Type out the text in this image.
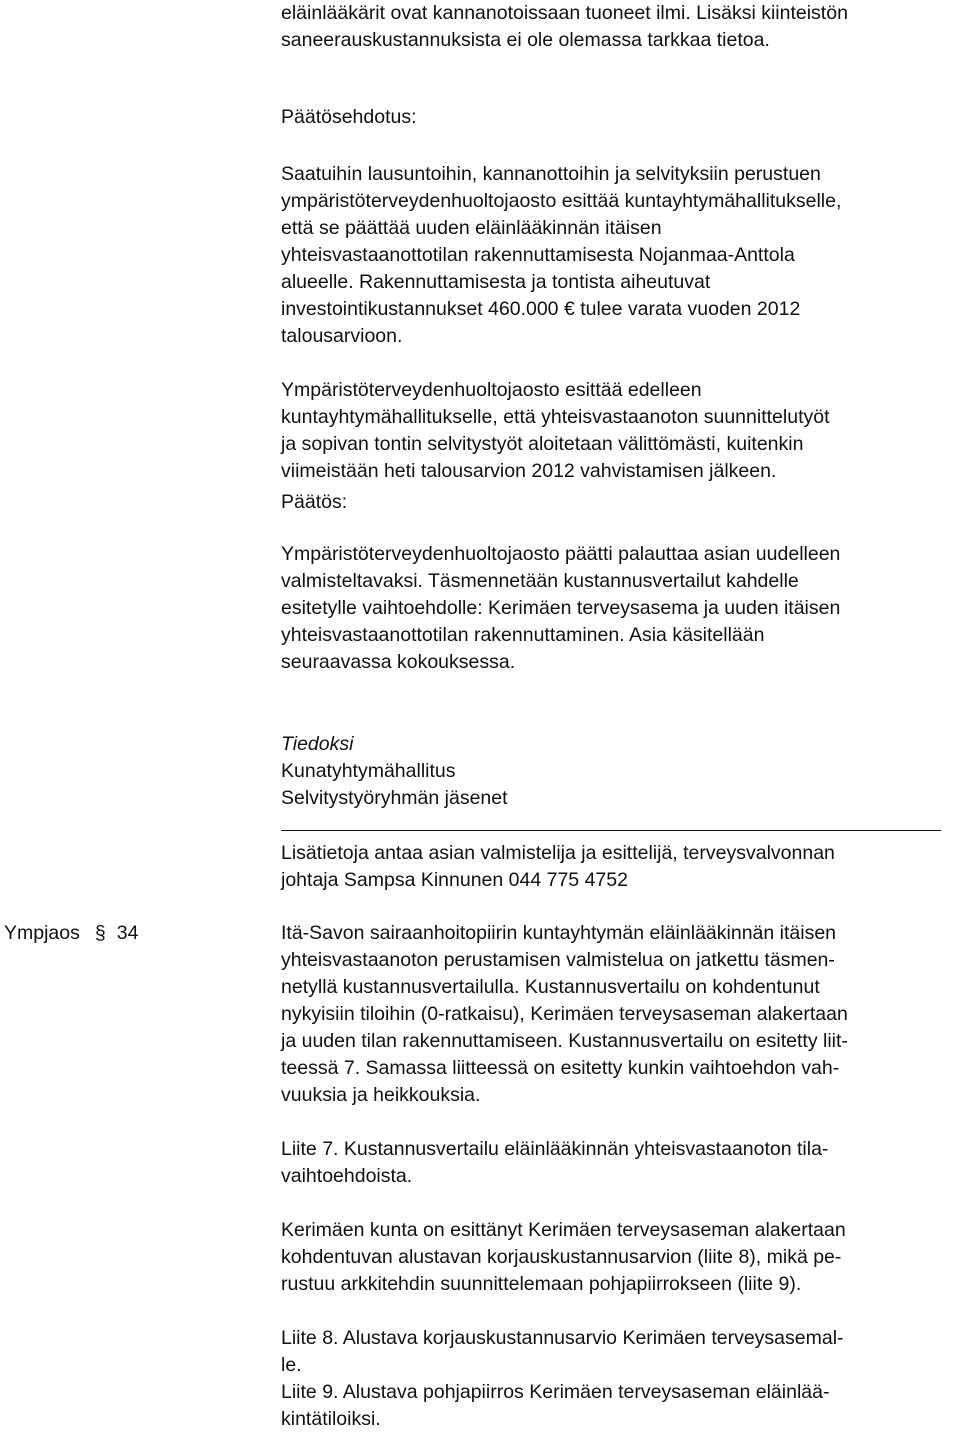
eläinlääkärit ovat kannanotoissaan tuoneet ilmi. Lisäksi kiinteistön
saneerauskustannuksista ei ole olemassa tarkkaa tietoa.
Päätösehdotus:
Saatuihin lausuntoihin, kannanottoihin ja selvityksiin perustuen
ympäristöterveydenhuoltojaosto esittää kuntayhtymähallitukselle,
että se päättää uuden eläinlääkinnän itäisen
yhteisvastaanottotilan rakennuttamisesta Nojanmaa-Anttola
alueelle. Rakennuttamisesta ja tontista aiheutuvat
investointikustannukset 460.000 € tulee varata vuoden 2012
talousarvioon.
Ympäristöterveydenhuoltojaosto esittää edelleen
kuntayhtymähallitukselle, että yhteisvastaanoton suunnittelutyöt
ja sopivan tontin selvitystyöt aloitetaan välittömästi, kuitenkin
viimeistään heti talousarvion 2012 vahvistamisen jälkeen.
Päätös:
Ympäristöterveydenhuoltojaosto päätti palauttaa asian uudelleen
valmisteltavaksi. Täsmennetään kustannusvertailut kahdelle
esitetylle vaihtoehdolle: Kerimäen terveysasema ja uuden itäisen
yhteisvastaanottotilan rakennuttaminen. Asia käsitellään
seuraavassa kokouksessa.
Tiedoksi
Kunatyhtymähallitus
Selvitystyöryhmän jäsenet
Lisätietoja antaa asian valmistelija ja esittelijä, terveysvalvonnan
johtaja Sampsa Kinnunen 044 775 4752
Ympjaos § 34	Itä-Savon sairaanhoitopiirin kuntayhtymän eläinlääkinnän itäisen
yhteisvastaanoton perustamisen valmistelua on jatkettu täsmen-
netyllä kustannusvertailulla. Kustannusvertailu on kohdentunut
nykyisiin tiloihin (0-ratkaisu), Kerimäen terveysaseman alakertaan
ja uuden tilan rakennuttamiseen. Kustannusvertailu on esitetty liit-
teessä 7. Samassa liitteessä on esitetty kunkin vaihtoehdon vah-
vuuksia ja heikkouksia.
Liite 7. Kustannusvertailu eläinlääkinnän yhteisvastaanoton tila-
vaihtoehdoista.
Kerimäen kunta on esittänyt Kerimäen terveysaseman alakertaan
kohdentuvan alustavan korjauskustannusarvion (liite 8), mikä pe-
rustuu arkkitehdin suunnittelemaan pohjapiirrokseen (liite 9).
Liite 8. Alustava korjauskustannusarvio Kerimäen terveysasemal-
le.
Liite 9. Alustava pohjapiirros Kerimäen terveysaseman eläinlää-
kintätiloiksi.
